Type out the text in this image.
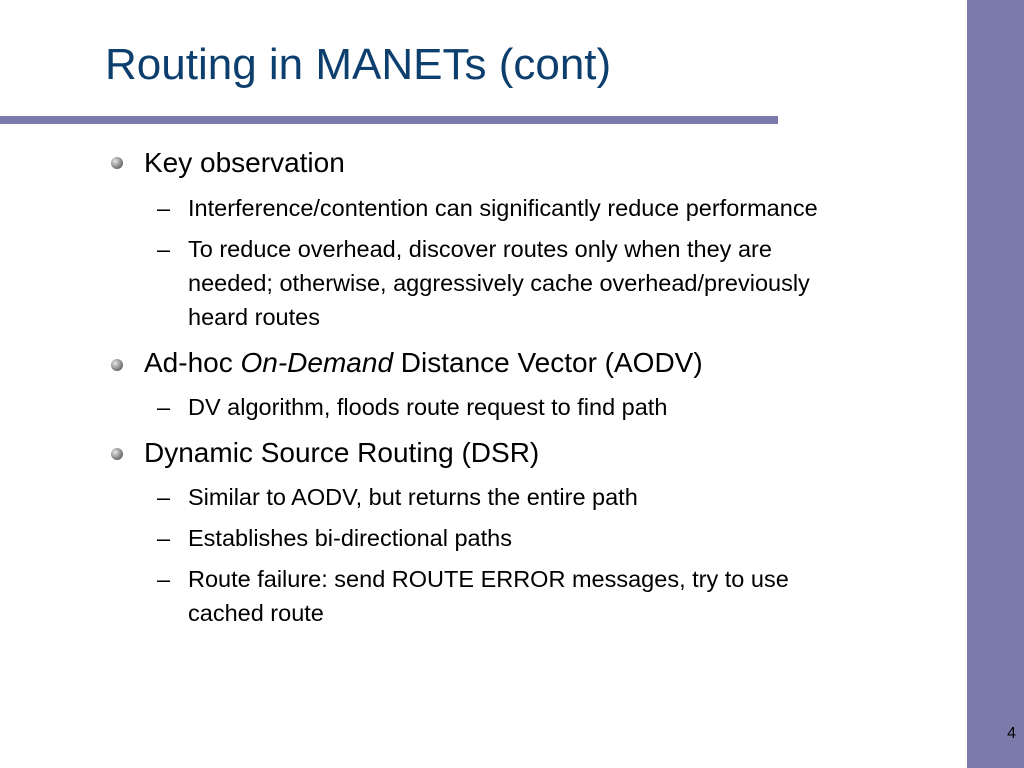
Routing in MANETs (cont)
Key observation
– Interference/contention can significantly reduce performance
– To reduce overhead, discover routes only when they are
needed; otherwise, aggressively cache overhead/previously
heard routes
Ad-hoc On-Demand Distance Vector (AODV)
– DV algorithm, floods route request to find path
Dynamic Source Routing (DSR)
– Similar to AODV, but returns the entire path
– Establishes bi-directional paths
– Route failure: send ROUTE ERROR messages, try to use
cached route
4
